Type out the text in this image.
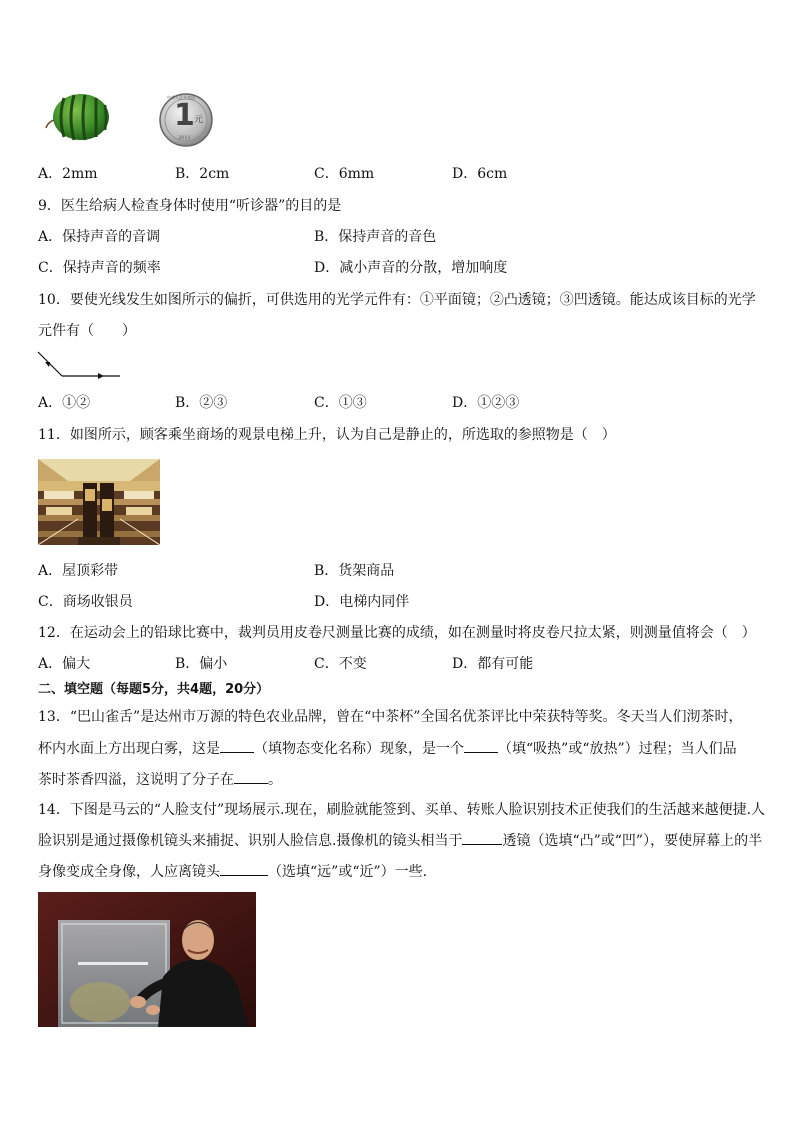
1 元
中华人民共和国
2011
A．2mm	B．2cm	C．6mm	D．6cm
9．医生给病人检查身体时使用“听诊器”的目的是
A．保持声音的音调	B．保持声音的音色
C．保持声音的频率	D．减小声音的分散，增加响度
10．要使光线发生如图所示的偏折，可供选用的光学元件有：①平面镜；②凸透镜；③凹透镜。能达成该目标的光学
元件有（　　）
A．①②	B．②③	C．①③	D．①②③
11．如图所示，顾客乘坐商场的观景电梯上升，认为自己是静止的，所选取的参照物是（　）
A．屋顶彩带	B．货架商品
C．商场收银员	D．电梯内同伴
12．在运动会上的铅球比赛中，裁判员用皮卷尺测量比赛的成绩，如在测量时将皮卷尺拉太紧，则测量值将会（　）
A．偏大	B．偏小	C．不变	D．都有可能
二、填空题（每题5分，共4题，20分）
13．“巴山雀舌”是达州市万源的特色农业品牌，曾在“中茶杯”全国名优茶评比中荣获特等奖。冬天当人们沏茶时，
杯内水面上方出现白雾，这是 （填物态变化名称）现象，是一个 （填“吸热”或“放热”）过程；当人们品
茶时茶香四溢，这说明了分子在 。
14．下图是马云的“人脸支付”现场展示.现在，刷脸就能签到、买单、转账人脸识别技术正使我们的生活越来越便捷.人
脸识别是通过摄像机镜头来捕捉、识别人脸信息.摄像机的镜头相当于	透镜（选填“凸”或“凹”），要使屏幕上的半
身像变成全身像，人应离镜头	（选填“远”或“近”）一些.
